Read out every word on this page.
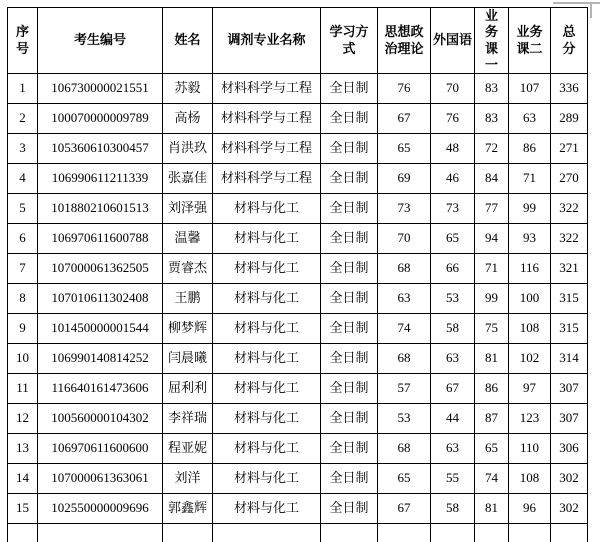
序号	考生编号	姓名	调剂专业名称	学习方式	思想政治理论	外国语	业务课一	业务课二	总分

1	106730000021551	苏毅	材料科学与工程	全日制	76	70	83	107	336
2	100070000009789	高杨	材料科学与工程	全日制	67	76	83	63	289
3	105360610300457	肖洪玖	材料科学与工程	全日制	65	48	72	86	271
4	106990611211339	张嘉佳	材料科学与工程	全日制	69	46	84	71	270
5	101880210601513	刘泽强	材料与化工	全日制	73	73	77	99	322
6	106970611600788	温馨	材料与化工	全日制	70	65	94	93	322
7	107000061362505	贾睿杰	材料与化工	全日制	68	66	71	116	321
8	107010611302408	王鹏	材料与化工	全日制	63	53	99	100	315
9	101450000001544	柳梦辉	材料与化工	全日制	74	58	75	108	315
10	106990140814252	闫晨曦	材料与化工	全日制	68	63	81	102	314
11	116640161473606	屈利利	材料与化工	全日制	57	67	86	97	307
12	100560000104302	李祥瑞	材料与化工	全日制	53	44	87	123	307
13	106970611600600	程亚妮	材料与化工	全日制	68	63	65	110	306
14	107000061363061	刘洋	材料与化工	全日制	65	55	74	108	302
15	102550000009696	郭鑫辉	材料与化工	全日制	67	58	81	96	302
